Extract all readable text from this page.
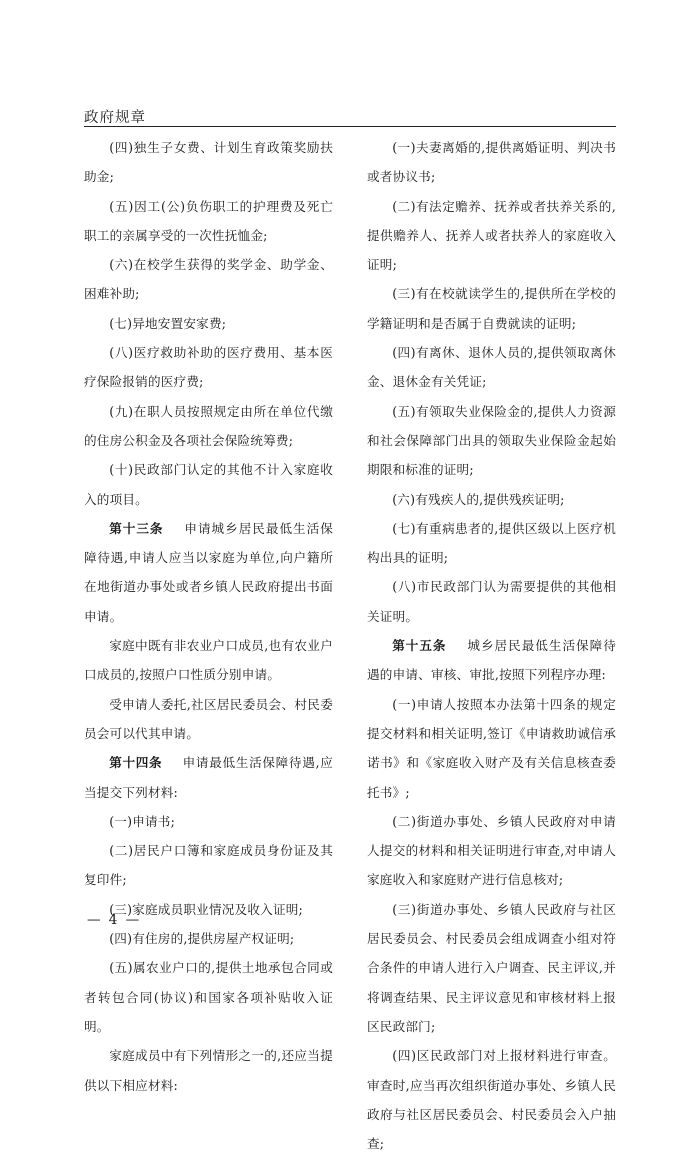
政府规章

(四)独生子女费、计划生育政策奖励扶助金;

(五)因工(公)负伤职工的护理费及死亡职工的亲属享受的一次性抚恤金;

(六)在校学生获得的奖学金、助学金、困难补助;

(七)异地安置安家费;

(八)医疗救助补助的医疗费用、基本医疗保险报销的医疗费;

(九)在职人员按照规定由所在单位代缴的住房公积金及各项社会保险统筹费;

(十)民政部门认定的其他不计入家庭收入的项目。

第十三条　  申请城乡居民最低生活保障待遇,申请人应当以家庭为单位,向户籍所在地街道办事处或者乡镇人民政府提出书面申请。

家庭中既有非农业户口成员,也有农业户口成员的,按照户口性质分别申请。

受申请人委托,社区居民委员会、村民委员会可以代其申请。

第十四条　  申请最低生活保障待遇,应当提交下列材料:

(一)申请书;

(二)居民户口簿和家庭成员身份证及其复印件;

(三)家庭成员职业情况及收入证明;

(四)有住房的,提供房屋产权证明;

(五)属农业户口的,提供土地承包合同或者转包合同(协议)和国家各项补贴收入证明。

家庭成员中有下列情形之一的,还应当提供以下相应材料:

(一)夫妻离婚的,提供离婚证明、判决书或者协议书;

(二)有法定赡养、抚养或者扶养关系的,提供赡养人、抚养人或者扶养人的家庭收入证明;

(三)有在校就读学生的,提供所在学校的学籍证明和是否属于自费就读的证明;

(四)有离休、退休人员的,提供领取离休金、退休金有关凭证;

(五)有领取失业保险金的,提供人力资源和社会保障部门出具的领取失业保险金起始期限和标准的证明;

(六)有残疾人的,提供残疾证明;

(七)有重病患者的,提供区级以上医疗机构出具的证明;

(八)市民政部门认为需要提供的其他相关证明。

第十五条　  城乡居民最低生活保障待遇的申请、审核、审批,按照下列程序办理:

(一)申请人按照本办法第十四条的规定提交材料和相关证明,签订《申请救助诚信承诺书》和《家庭收入财产及有关信息核查委托书》;

(二)街道办事处、乡镇人民政府对申请人提交的材料和相关证明进行审查,对申请人家庭收入和家庭财产进行信息核对;

(三)街道办事处、乡镇人民政府与社区居民委员会、村民委员会组成调查小组对符合条件的申请人进行入户调查、民主评议,并将调查结果、民主评议意见和审核材料上报区民政部门;

(四)区民政部门对上报材料进行审查。审查时,应当再次组织街道办事处、乡镇人民政府与社区居民委员会、村民委员会入户抽查;

— 4 —
